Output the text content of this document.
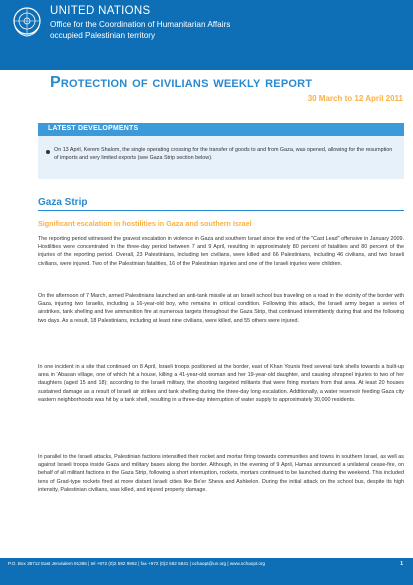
UNITED NATIONS
Office for the Coordination of Humanitarian Affairs
occupied Palestinian territory
Protection of civilians weekly report
30 March to 12 April 2011
LATEST DEVELOPMENTS
On 13 April, Kerem Shalom, the single operating crossing for the transfer of goods to and from Gaza, was opened, allowing for the resumption of imports and very limited exports (see Gaza Strip section below).
Gaza Strip
Significant escalation in hostilities in Gaza and southern Israel

The reporting period witnessed the gravest escalation in violence in Gaza and southern Israel since the end of the "Cast Lead" offensive in January 2009. Hostilities were concentrated in the three-day period between 7 and 9 April, resulting in approximately 80 percent of fatalities and 80 percent of the injuries of the reporting period. Overall, 23 Palestinians, including ten civilians, were killed and 66 Palestinians, including 46 civilians, and two Israeli civilians, were injured. Two of the Palestinian fatalities, 16 of the Palestinian injuries and one of the Israeli injuries were children.

On the afternoon of 7 March, armed Palestinians launched an anti-tank missile at an Israeli school bus traveling on a road in the vicinity of the border with Gaza, injuring two Israelis, including a 16-year-old boy, who remains in critical condition. Following this attack, the Israeli army began a series of airstrikes, tank shelling and live ammunition fire at numerous targets throughout the Gaza Strip, that continued intermittently during that and the following two days. As a result, 18 Palestinians, including at least nine civilians, were killed, and 55 others were injured.

In one incident in a site that continued on 8 April, Israeli troops positioned at the border, east of Khan Younis fired several tank shells towards a built-up area in 'Abasan village, one of which hit a house, killing a 41-year-old woman and her 19-year-old daughter, and causing shrapnel injuries to two of her daughters (aged 15 and 18); according to the Israeli military, the shooting targeted militants that were firing mortars from that area. At least 20 houses sustained damage as a result of Israeli air strikes and tank shelling during the three-day long escalation. Additionally, a water reservoir feeding Gaza city eastern neighborhoods was hit by a tank shell, resulting in a three-day interruption of water supply to approximately 30,000 residents.

In parallel to the Israeli attacks, Palestinian factions intensified their rocket and mortar firing towards communities and towns in southern Israel, as well as against Israeli troops inside Gaza and military bases along the border. Although, in the evening of 9 April, Hamas announced a unilateral cease-fire, on behalf of all militant factions in the Gaza Strip, following a short interruption, rockets, mortars continued to be launched during the weekend. This included tens of Grad-type rockets fired at more distant Israeli cities like Be'er Sheva and Ashkelon. During the initial attack on the school bus, despite its high intensity, Palestinian civilians, was killed, and injured property damage.

P.O. Box 38712 East Jerusalem 91386 | tel +972 (0)2 582 9962 | fax +972 (0)2 582 5841 | ochaopt@un.org | www.ochaopt.org	1
